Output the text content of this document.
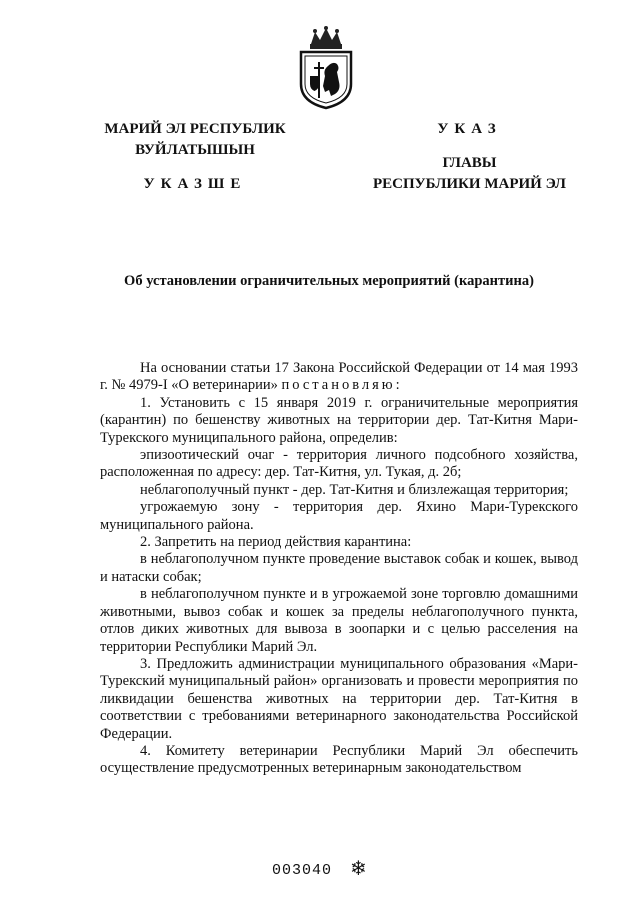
МАРИЙ ЭЛ РЕСПУБЛИК
ВУЙЛАТЫШЫН
УКАЗШЕ
УКАЗ
ГЛАВЫ
РЕСПУБЛИКИ МАРИЙ ЭЛ
Об установлении ограничительных мероприятий (карантина)

На основании статьи 17 Закона Российской Федерации от 14 мая 1993 г. № 4979-I «О ветеринарии» постановляю:

1. Установить с 15 января 2019 г. ограничительные мероприятия (карантин) по бешенству животных на территории дер. Тат-Китня Мари-Турекского муниципального района, определив:

эпизоотический очаг - территория личного подсобного хозяйства, расположенная по адресу: дер. Тат-Китня, ул. Тукая, д. 2б;

неблагополучный пункт - дер. Тат-Китня и близлежащая территория;

угрожаемую зону - территория дер. Яхино Мари-Турекского муниципального района.

2. Запретить на период действия карантина:

в неблагополучном пункте проведение выставок собак и кошек, вывод и натаски собак;

в неблагополучном пункте и в угрожаемой зоне торговлю домашними животными, вывоз собак и кошек за пределы неблагополучного пункта, отлов диких животных для вывоза в зоопарки и с целью расселения на территории Республики Марий Эл.

3. Предложить администрации муниципального образования «Мари-Турекский муниципальный район» организовать и провести мероприятия по ликвидации бешенства животных на территории дер. Тат-Китня в соответствии с требованиями ветеринарного законодательства Российской Федерации.

4. Комитету ветеринарии Республики Марий Эл обеспечить осуществление предусмотренных ветеринарным законодательством

003040 ❄
